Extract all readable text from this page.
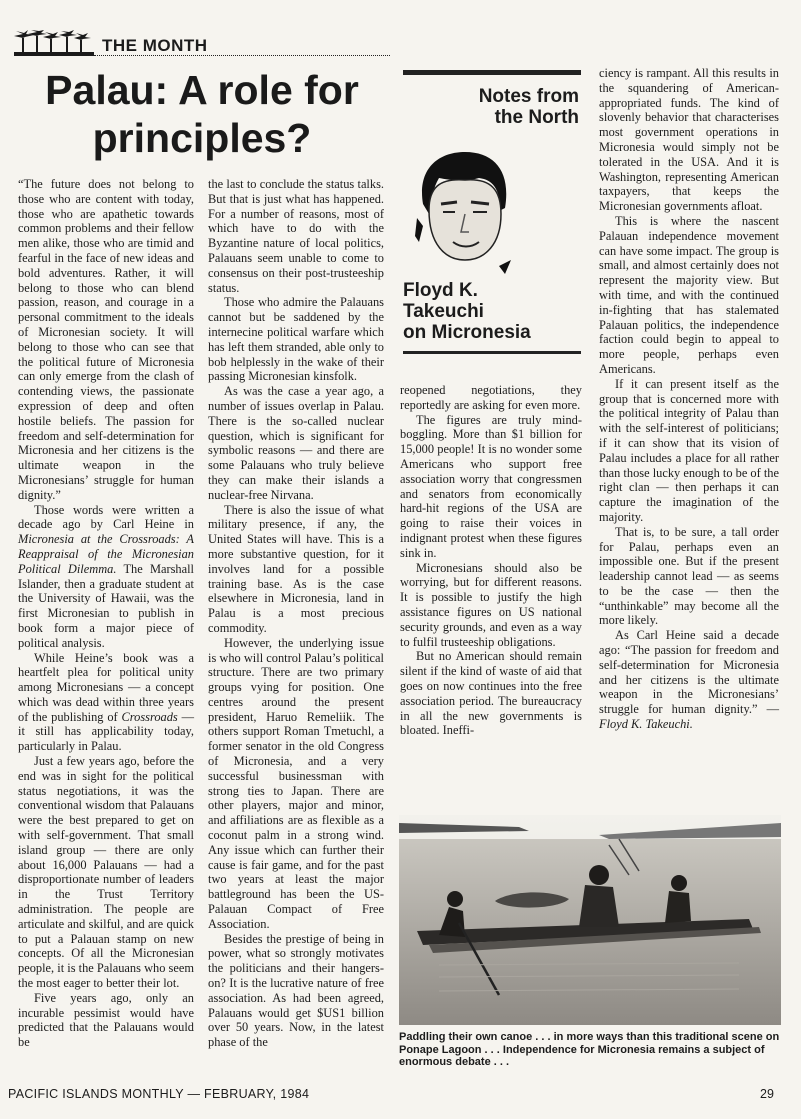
THE MONTH
Palau: A role for principles?
Notes from
the North
Floyd K.
Takeuchi
on Micronesia

“The future does not belong to those who are content with today, those who are apathetic towards common problems and their fellow men alike, those who are timid and fearful in the face of new ideas and bold adventures. Rather, it will belong to those who can blend passion, reason, and courage in a personal commitment to the ideals of Micronesian society. It will belong to those who can see that the political future of Micronesia can only emerge from the clash of contending views, the passionate expression of deep and often hostile beliefs. The passion for freedom and self-determination for Micronesia and her citizens is the ultimate weapon in the Micronesians’ struggle for human dignity.”

Those words were written a decade ago by Carl Heine in Micronesia at the Crossroads: A Reappraisal of the Micronesian Political Dilemma. The Marshall Islander, then a graduate student at the University of Hawaii, was the first Micronesian to publish in book form a major piece of political analysis.

While Heine’s book was a heartfelt plea for political unity among Micronesians — a concept which was dead within three years of the publishing of Crossroads — it still has applicability today, particularly in Palau.

Just a few years ago, before the end was in sight for the political status negotiations, it was the conventional wisdom that Palauans were the best prepared to get on with self-government. That small island group — there are only about 16,000 Palauans — had a disproportionate number of leaders in the Trust Territory administration. The people are articulate and skilful, and are quick to put a Palauan stamp on new concepts. Of all the Micronesian people, it is the Palauans who seem the most eager to better their lot.

Five years ago, only an incurable pessimist would have predicted that the Palauans would be

the last to conclude the status talks. But that is just what has happened. For a number of reasons, most of which have to do with the Byzantine nature of local politics, Palauans seem unable to come to consensus on their post-trusteeship status.

Those who admire the Palauans cannot but be saddened by the internecine political warfare which has left them stranded, able only to bob helplessly in the wake of their passing Micronesian kinsfolk.

As was the case a year ago, a number of issues overlap in Palau. There is the so-called nuclear question, which is significant for symbolic reasons — and there are some Palauans who truly believe they can make their islands a nuclear-free Nirvana.

There is also the issue of what military presence, if any, the United States will have. This is a more substantive question, for it involves land for a possible training base. As is the case elsewhere in Micronesia, land in Palau is a most precious commodity.

However, the underlying issue is who will control Palau’s political structure. There are two primary groups vying for position. One centres around the present president, Haruo Remeliik. The others support Roman Tmetuchl, a former senator in the old Congress of Micronesia, and a very successful businessman with strong ties to Japan. There are other players, major and minor, and affiliations are as flexible as a coconut palm in a strong wind. Any issue which can further their cause is fair game, and for the past two years at least the major battleground has been the US-Palauan Compact of Free Association.

Besides the prestige of being in power, what so strongly motivates the politicians and their hangers-on? It is the lucrative nature of free association. As had been agreed, Palauans would get $US1 billion over 50 years. Now, in the latest phase of the

reopened negotiations, they reportedly are asking for even more.

The figures are truly mind-boggling. More than $1 billion for 15,000 people! It is no wonder some Americans who support free association worry that congressmen and senators from economically hard-hit regions of the USA are going to raise their voices in indignant protest when these figures sink in.

Micronesians should also be worrying, but for different reasons. It is possible to justify the high assistance figures on US national security grounds, and even as a way to fulfil trusteeship obligations.

But no American should remain silent if the kind of waste of aid that goes on now continues into the free association period. The bureaucracy in all the new governments is bloated. Ineffi-

ciency is rampant. All this results in the squandering of American-appropriated funds. The kind of slovenly behavior that characterises most government operations in Micronesia would simply not be tolerated in the USA. And it is Washington, representing American taxpayers, that keeps the Micronesian governments afloat.

This is where the nascent Palauan independence movement can have some impact. The group is small, and almost certainly does not represent the majority view. But with time, and with the continued in-fighting that has stalemated Palauan politics, the independence faction could begin to appeal to more people, perhaps even Americans.

If it can present itself as the group that is concerned more with the political integrity of Palau than with the self-interest of politicians; if it can show that its vision of Palau includes a place for all rather than those lucky enough to be of the right clan — then perhaps it can capture the imagination of the majority.

That is, to be sure, a tall order for Palau, perhaps even an impossible one. But if the present leadership cannot lead — as seems to be the case — then the “unthinkable” may become all the more likely.

As Carl Heine said a decade ago: “The passion for freedom and self-determination for Micronesia and her citizens is the ultimate weapon in the Micronesians’ struggle for human dignity.” — Floyd K. Takeuchi.

Paddling their own canoe . . . in more ways than this traditional scene on Ponape Lagoon . . . Independence for Micronesia remains a subject of enormous debate . . .
PACIFIC ISLANDS MONTHLY — FEBRUARY, 1984	29
